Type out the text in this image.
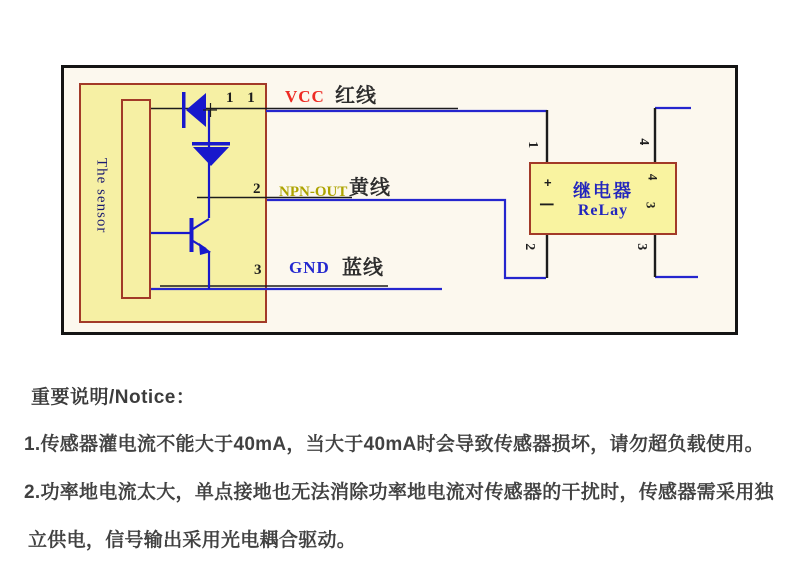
The sensor
1 1 VCC 红线
2 NPN-OUT 黄线
3 GND 蓝线
继电器
ReLay
+
−
4
3
1	4
2	3
重要说明/Notice：
1.传感器灌电流不能大于40mA，当大于40mA时会导致传感器损坏，请勿超负载使用。
2.功率地电流太大，单点接地也无法消除功率地电流对传感器的干扰时，传感器需采用独
立供电，信号输出采用光电耦合驱动。
